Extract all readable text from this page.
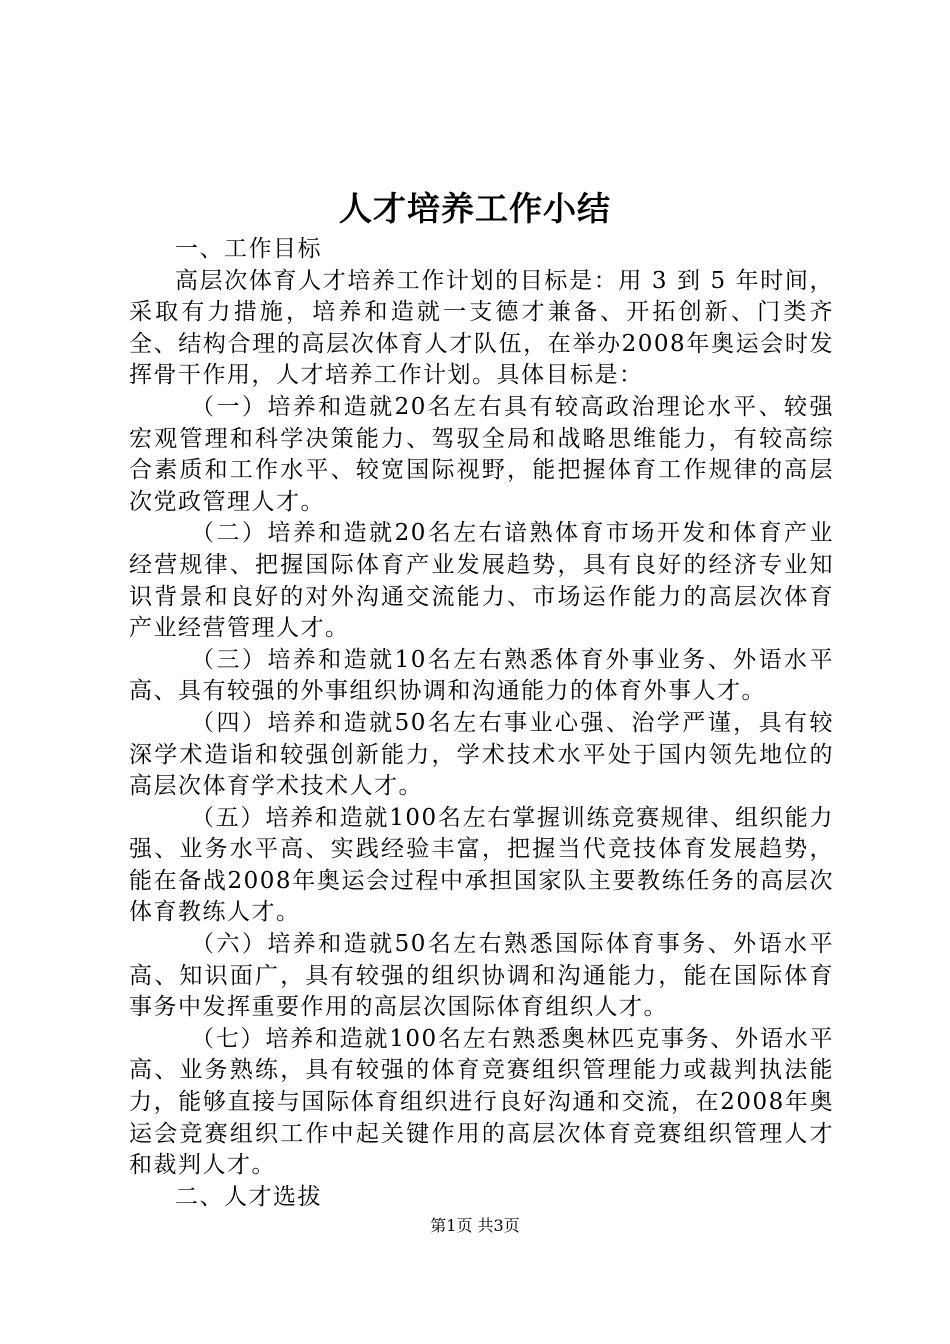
人才培养工作小结

一、工作目标

高层次体育人才培养工作计划的目标是：用 3 到 5 年时间，采取有力措施，培养和造就一支德才兼备、开拓创新、门类齐全、结构合理的高层次体育人才队伍，在举办2008年奥运会时发挥骨干作用，人才培养工作计划。具体目标是：

（一）培养和造就20名左右具有较高政治理论水平、较强宏观管理和科学决策能力、驾驭全局和战略思维能力，有较高综合素质和工作水平、较宽国际视野，能把握体育工作规律的高层次党政管理人才。

（二）培养和造就20名左右谙熟体育市场开发和体育产业经营规律、把握国际体育产业发展趋势，具有良好的经济专业知识背景和良好的对外沟通交流能力、市场运作能力的高层次体育产业经营管理人才。

（三）培养和造就10名左右熟悉体育外事业务、外语水平高、具有较强的外事组织协调和沟通能力的体育外事人才。

（四）培养和造就50名左右事业心强、治学严谨，具有较深学术造诣和较强创新能力，学术技术水平处于国内领先地位的高层次体育学术技术人才。

（五）培养和造就100名左右掌握训练竞赛规律、组织能力强、业务水平高、实践经验丰富，把握当代竞技体育发展趋势，能在备战2008年奥运会过程中承担国家队主要教练任务的高层次体育教练人才。

（六）培养和造就50名左右熟悉国际体育事务、外语水平高、知识面广，具有较强的组织协调和沟通能力，能在国际体育事务中发挥重要作用的高层次国际体育组织人才。

（七）培养和造就100名左右熟悉奥林匹克事务、外语水平高、业务熟练，具有较强的体育竞赛组织管理能力或裁判执法能力，能够直接与国际体育组织进行良好沟通和交流，在2008年奥运会竞赛组织工作中起关键作用的高层次体育竞赛组织管理人才和裁判人才。

二、人才选拔

第1页 共3页
